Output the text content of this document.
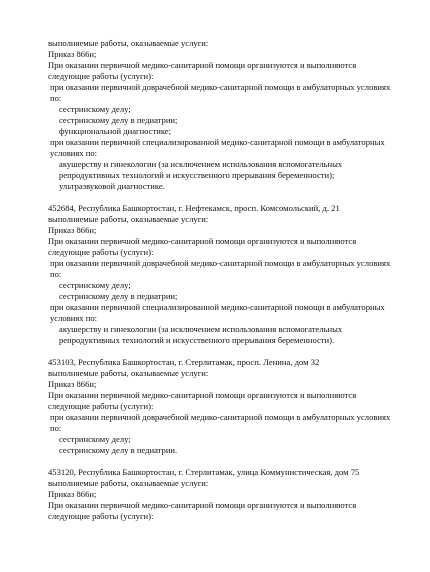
выполняемые работы, оказываемые услуги:
Приказ 866н;
При оказании первичной медико-санитарной помощи организуются и выполняются следующие работы (услуги):
при оказании первичной доврачебной медико-санитарной помощи в амбулаторных условиях по:
сестринскому делу;
сестринскому делу в педиатрии;
функциональной диагностике;
при оказании первичной специализированной медико-санитарной помощи в амбулаторных условиях по:
акушерству и гинекологии (за исключением использования вспомогательных репродуктивных технологий и искусственного прерывания беременности);
ультразвуковой диагностике.
452684, Республика Башкортостан, г. Нефтекамск, просп. Комсомольский, д. 21
выполняемые работы, оказываемые услуги:
Приказ 866н;
При оказании первичной медико-санитарной помощи организуются и выполняются следующие работы (услуги):
при оказании первичной доврачебной медико-санитарной помощи в амбулаторных условиях по:
сестринскому делу;
сестринскому делу в педиатрии;
при оказании первичной специализированной медико-санитарной помощи в амбулаторных условиях по:
акушерству и гинекологии (за исключением использования вспомогательных репродуктивных технологий и искусственного прерывания беременности).
453103, Республика Башкортостан, г. Стерлитамак, просп. Ленина, дом 32
выполняемые работы, оказываемые услуги:
Приказ 866н;
При оказании первичной медико-санитарной помощи организуются и выполняются следующие работы (услуги):
при оказании первичной доврачебной медико-санитарной помощи в амбулаторных условиях по:
сестринскому делу;
сестринскому делу в педиатрии.
453120, Республика Башкортостан, г. Стерлитамак, улица Коммунистическая, дом 75
выполняемые работы, оказываемые услуги:
Приказ 866н;
При оказании первичной медико-санитарной помощи организуются и выполняются следующие работы (услуги):
